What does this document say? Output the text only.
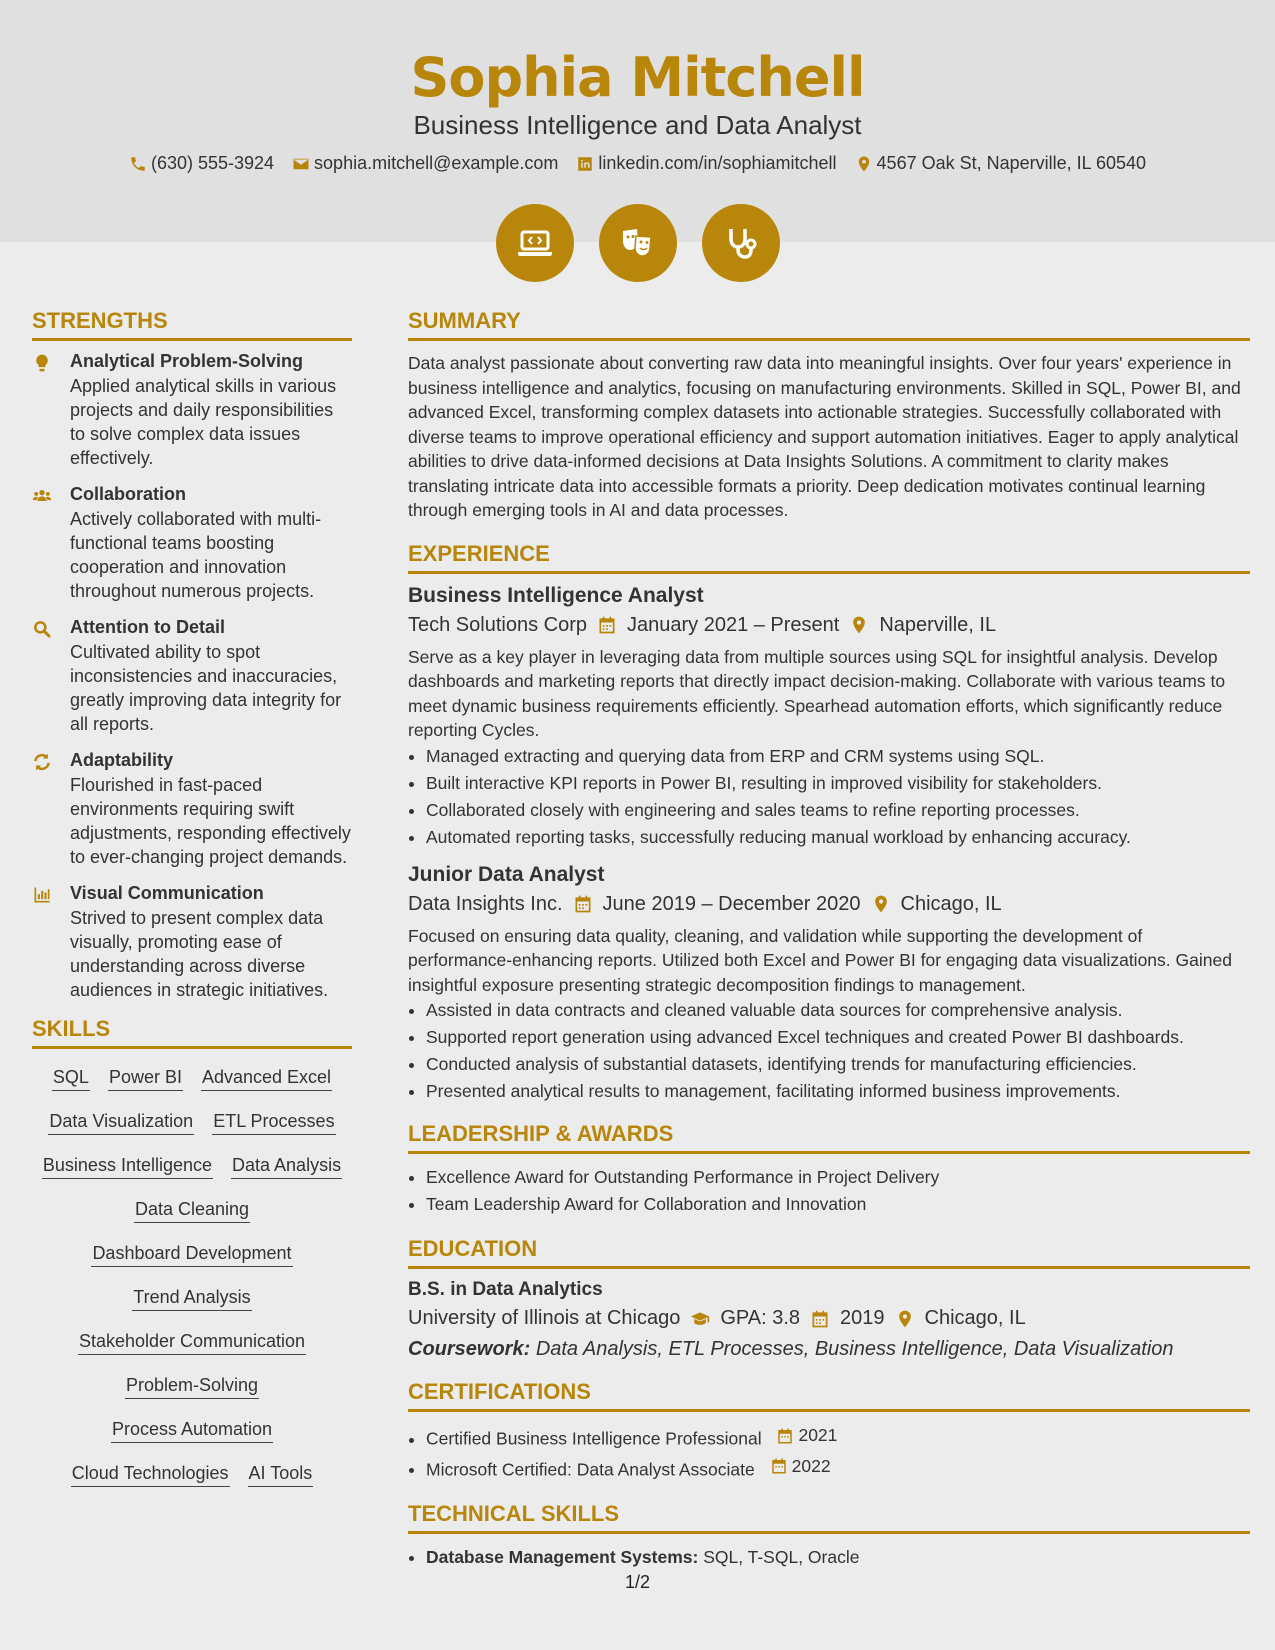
Sophia Mitchell
Business Intelligence and Data Analyst
(630) 555-3924 sophia.mitchell@example.com linkedin.com/in/sophiamitchell 4567 Oak St, Naperville, IL 60540
STRENGTHS
Analytical Problem-Solving
Applied analytical skills in various projects and daily responsibilities to solve complex data issues effectively.
Collaboration
Actively collaborated with multi-functional teams boosting cooperation and innovation throughout numerous projects.
Attention to Detail
Cultivated ability to spot inconsistencies and inaccuracies, greatly improving data integrity for all reports.
Adaptability
Flourished in fast-paced environments requiring swift adjustments, responding effectively to ever-changing project demands.
Visual Communication
Strived to present complex data visually, promoting ease of understanding across diverse audiences in strategic initiatives.
SKILLS
SQL Power BI Advanced Excel
Data Visualization ETL Processes
Business Intelligence Data Analysis
Data Cleaning
Dashboard Development
Trend Analysis
Stakeholder Communication
Problem-Solving
Process Automation
Cloud Technologies AI Tools
SUMMARY
Data analyst passionate about converting raw data into meaningful insights. Over four years' experience in business intelligence and analytics, focusing on manufacturing environments. Skilled in SQL, Power BI, and advanced Excel, transforming complex datasets into actionable strategies. Successfully collaborated with diverse teams to improve operational efficiency and support automation initiatives. Eager to apply analytical abilities to drive data-informed decisions at Data Insights Solutions. A commitment to clarity makes translating intricate data into accessible formats a priority. Deep dedication motivates continual learning through emerging tools in AI and data processes.
EXPERIENCE
Business Intelligence Analyst
Tech Solutions Corp January 2021 – Present Naperville, IL
Serve as a key player in leveraging data from multiple sources using SQL for insightful analysis. Develop dashboards and marketing reports that directly impact decision-making. Collaborate with various teams to meet dynamic business requirements efficiently. Spearhead automation efforts, which significantly reduce reporting Cycles.
• Managed extracting and querying data from ERP and CRM systems using SQL.
• Built interactive KPI reports in Power BI, resulting in improved visibility for stakeholders.
• Collaborated closely with engineering and sales teams to refine reporting processes.
• Automated reporting tasks, successfully reducing manual workload by enhancing accuracy.
Junior Data Analyst
Data Insights Inc. June 2019 – December 2020 Chicago, IL
Focused on ensuring data quality, cleaning, and validation while supporting the development of performance-enhancing reports. Utilized both Excel and Power BI for engaging data visualizations. Gained insightful exposure presenting strategic decomposition findings to management.
• Assisted in data contracts and cleaned valuable data sources for comprehensive analysis.
• Supported report generation using advanced Excel techniques and created Power BI dashboards.
• Conducted analysis of substantial datasets, identifying trends for manufacturing efficiencies.
• Presented analytical results to management, facilitating informed business improvements.
LEADERSHIP & AWARDS
• Excellence Award for Outstanding Performance in Project Delivery
• Team Leadership Award for Collaboration and Innovation
EDUCATION
B.S. in Data Analytics
University of Illinois at Chicago GPA: 3.8 2019 Chicago, IL
Coursework: Data Analysis, ETL Processes, Business Intelligence, Data Visualization
CERTIFICATIONS
• Certified Business Intelligence Professional 2021
• Microsoft Certified: Data Analyst Associate 2022
TECHNICAL SKILLS
• Database Management Systems: SQL, T-SQL, Oracle
1/2
